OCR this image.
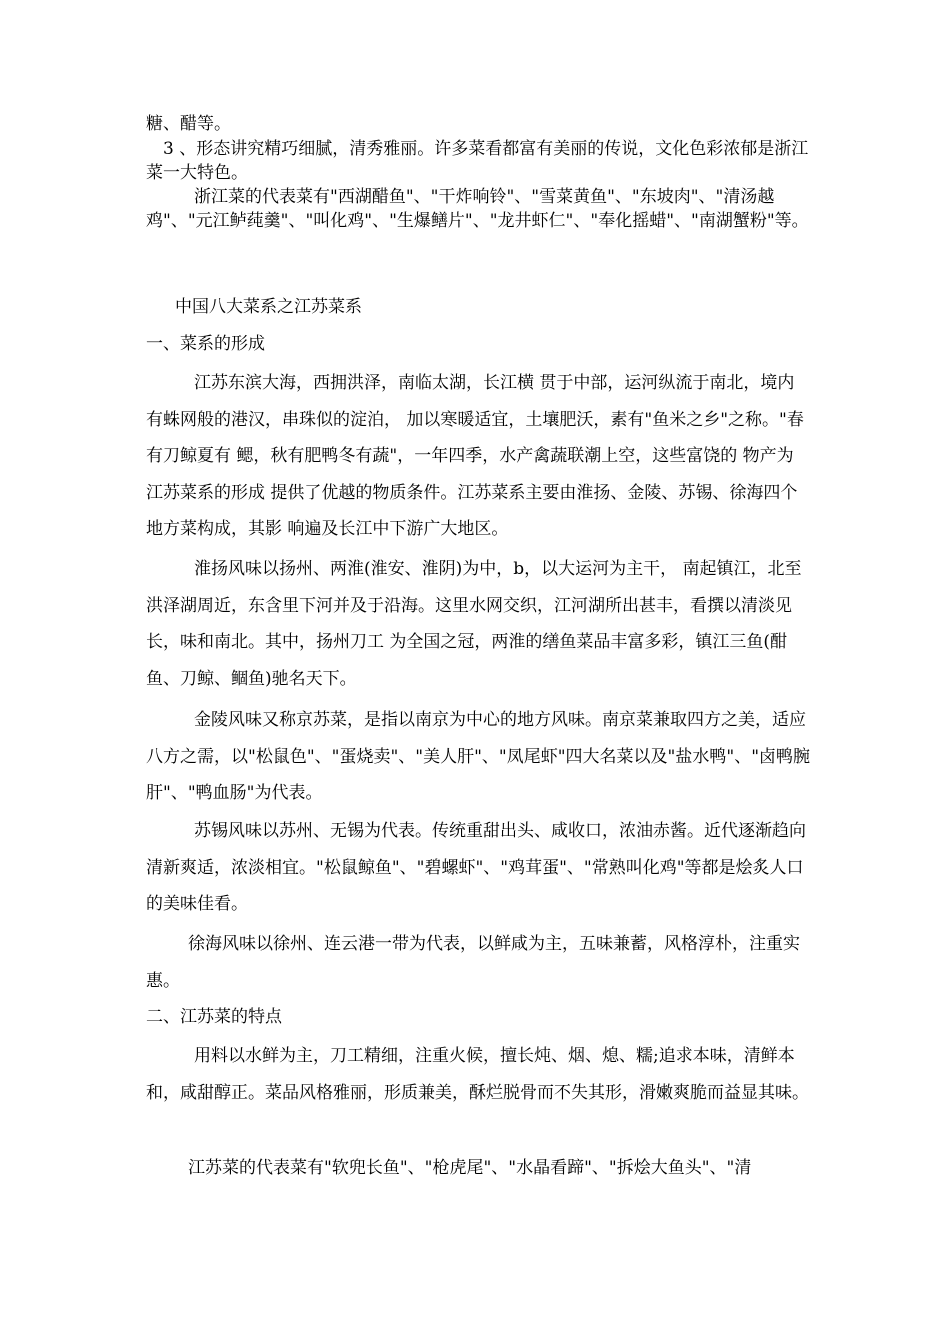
糖、醋等。

3 、形态讲究精巧细腻，清秀雅丽。许多菜看都富有美丽的传说，文化色彩浓郁是浙江菜一大特色。

浙江菜的代表菜有"西湖醋鱼"、"干炸响铃"、"雪菜黄鱼"、"东坡肉"、"清汤越鸡"、"元江鲈莼羹"、"叫化鸡"、"生爆鳝片"、"龙井虾仁"、"奉化摇蜡"、"南湖蟹粉"等。

中国八大菜系之江苏菜系

一、菜系的形成

江苏东滨大海，西拥洪泽，南临太湖，长江横 贯于中部，运河纵流于南北，境内有蛛网般的港汉，串珠似的淀泊， 加以寒暖适宜，土壤肥沃，素有"鱼米之乡"之称。"春有刀鲸夏有 鳃，秋有肥鸭冬有蔬"，一年四季，水产禽蔬联潮上空，这些富饶的 物产为江苏菜系的形成 提供了优越的物质条件。江苏菜系主要由淮扬、金陵、苏锡、徐海四个地方菜构成，其影 响遍及长江中下游广大地区。

淮扬风味以扬州、两淮(淮安、淮阴)为中，b，以大运河为主干， 南起镇江，北至洪泽湖周近，东含里下河并及于沿海。这里水网交织，江河湖所出甚丰，看撰以清淡见长，味和南北。其中，扬州刀工 为全国之冠，两淮的缮鱼菜品丰富多彩，镇江三鱼(酣鱼、刀鲸、鲴鱼)驰名天下。

金陵风味又称京苏菜，是指以南京为中心的地方风味。南京菜兼取四方之美，适应八方之需，以"松鼠色"、"蛋烧卖"、"美人肝"、"凤尾虾"四大名菜以及"盐水鸭"、"卤鸭腕肝"、"鸭血肠"为代表。

苏锡风味以苏州、无锡为代表。传统重甜出头、咸收口，浓油赤酱。近代逐渐趋向清新爽适，浓淡相宜。"松鼠鲸鱼"、"碧螺虾"、"鸡茸蛋"、"常熟叫化鸡"等都是烩炙人口的美味佳看。

徐海风味以徐州、连云港一带为代表，以鲜咸为主，五味兼蓄，风格淳朴，注重实惠。

二、江苏菜的特点

用料以水鲜为主，刀工精细，注重火候，擅长炖、烟、熄、糯;追求本味，清鲜本和，咸甜醇正。菜品风格雅丽，形质兼美，酥烂脱骨而不失其形，滑嫩爽脆而益显其味。

江苏菜的代表菜有"软兜长鱼"、"枪虎尾"、"水晶看蹄"、"拆烩大鱼头"、"清
